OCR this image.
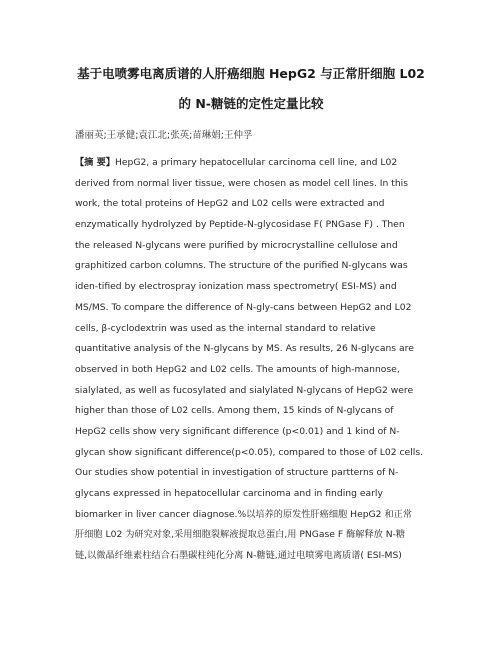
基于电喷雾电离质谱的人肝癌细胞 HepG2 与正常肝细胞 L02
的 N-糖链的定性定量比较
潘丽英;王承健;袁江北;张英;苗琳娟;王仲孚
【摘 要】HepG2, a primary hepatocellular carcinoma cell line, and L02
derived from normal liver tissue, were chosen as model cell lines. In this
work, the total proteins of HepG2 and L02 cells were extracted and
enzymatically hydrolyzed by Peptide-N-glycosidase F( PNGase F) . Then
the released N-glycans were purified by microcrystalline cellulose and
graphitized carbon columns. The structure of the purified N-glycans was
iden-tified by electrospray ionization mass spectrometry( ESI-MS) and
MS/MS. To compare the difference of N-gly-cans between HepG2 and L02
cells, β-cyclodextrin was used as the internal standard to relative
quantitative analysis of the N-glycans by MS. As results, 26 N-glycans are
observed in both HepG2 and L02 cells. The amounts of high-mannose,
sialylated, as well as fucosylated and sialylated N-glycans of HepG2 were
higher than those of L02 cells. Among them, 15 kinds of N-glycans of
HepG2 cells show very significant difference (p<0.01) and 1 kind of N-
glycan show significant difference(p<0.05), compared to those of L02 cells.
Our studies show potential in investigation of structure partterns of N-
glycans expressed in hepatocellular carcinoma and in finding early
biomarker in liver cancer diagnose.%以培养的原发性肝癌细胞 HepG2 和正常
肝细胞 L02 为研究对象,采用细胞裂解液提取总蛋白,用 PNGase F 酶解释放 N-糖
链,以微晶纤维素柱结合石墨碳柱纯化分离 N-糖链,通过电喷雾电离质谱( ESI-MS)
